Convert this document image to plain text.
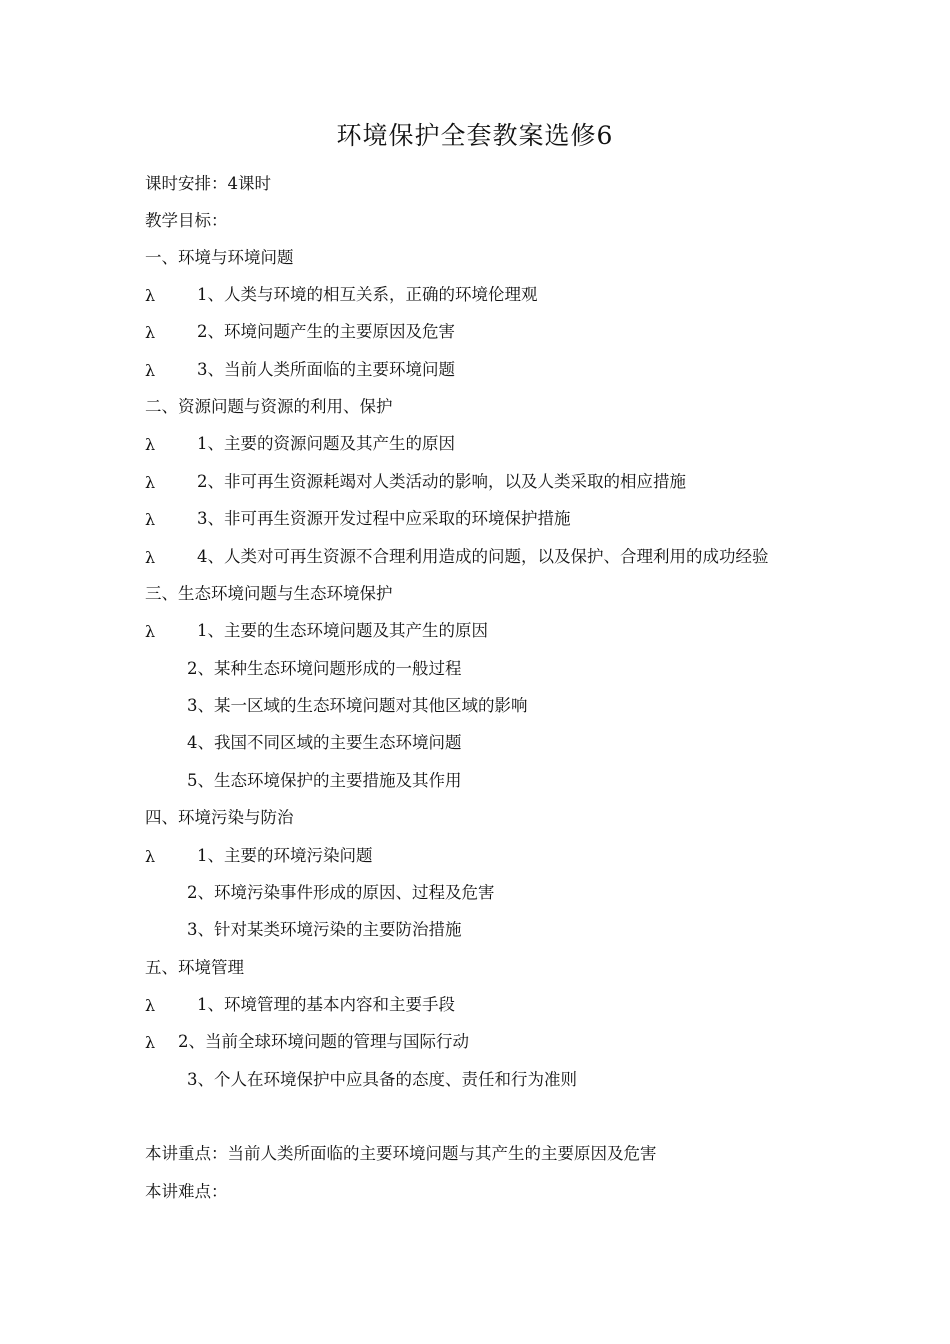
环境保护全套教案选修6
课时安排：4课时
教学目标：
一、环境与环境问题
λ	1、人类与环境的相互关系，正确的环境伦理观
λ	2、环境问题产生的主要原因及危害
λ	3、当前人类所面临的主要环境问题
二、资源问题与资源的利用、保护
λ	1、主要的资源问题及其产生的原因
λ	2、非可再生资源耗竭对人类活动的影响，以及人类采取的相应措施
λ	3、非可再生资源开发过程中应采取的环境保护措施
λ	4、人类对可再生资源不合理利用造成的问题，以及保护、合理利用的成功经验
三、生态环境问题与生态环境保护
λ	1、主要的生态环境问题及其产生的原因
2、某种生态环境问题形成的一般过程
3、某一区域的生态环境问题对其他区域的影响
4、我国不同区域的主要生态环境问题
5、生态环境保护的主要措施及其作用
四、环境污染与防治
λ	1、主要的环境污染问题
2、环境污染事件形成的原因、过程及危害
3、针对某类环境污染的主要防治措施
五、环境管理
λ	1、环境管理的基本内容和主要手段
λ 2、当前全球环境问题的管理与国际行动
3、个人在环境保护中应具备的态度、责任和行为准则
本讲重点：当前人类所面临的主要环境问题与其产生的主要原因及危害
本讲难点：
